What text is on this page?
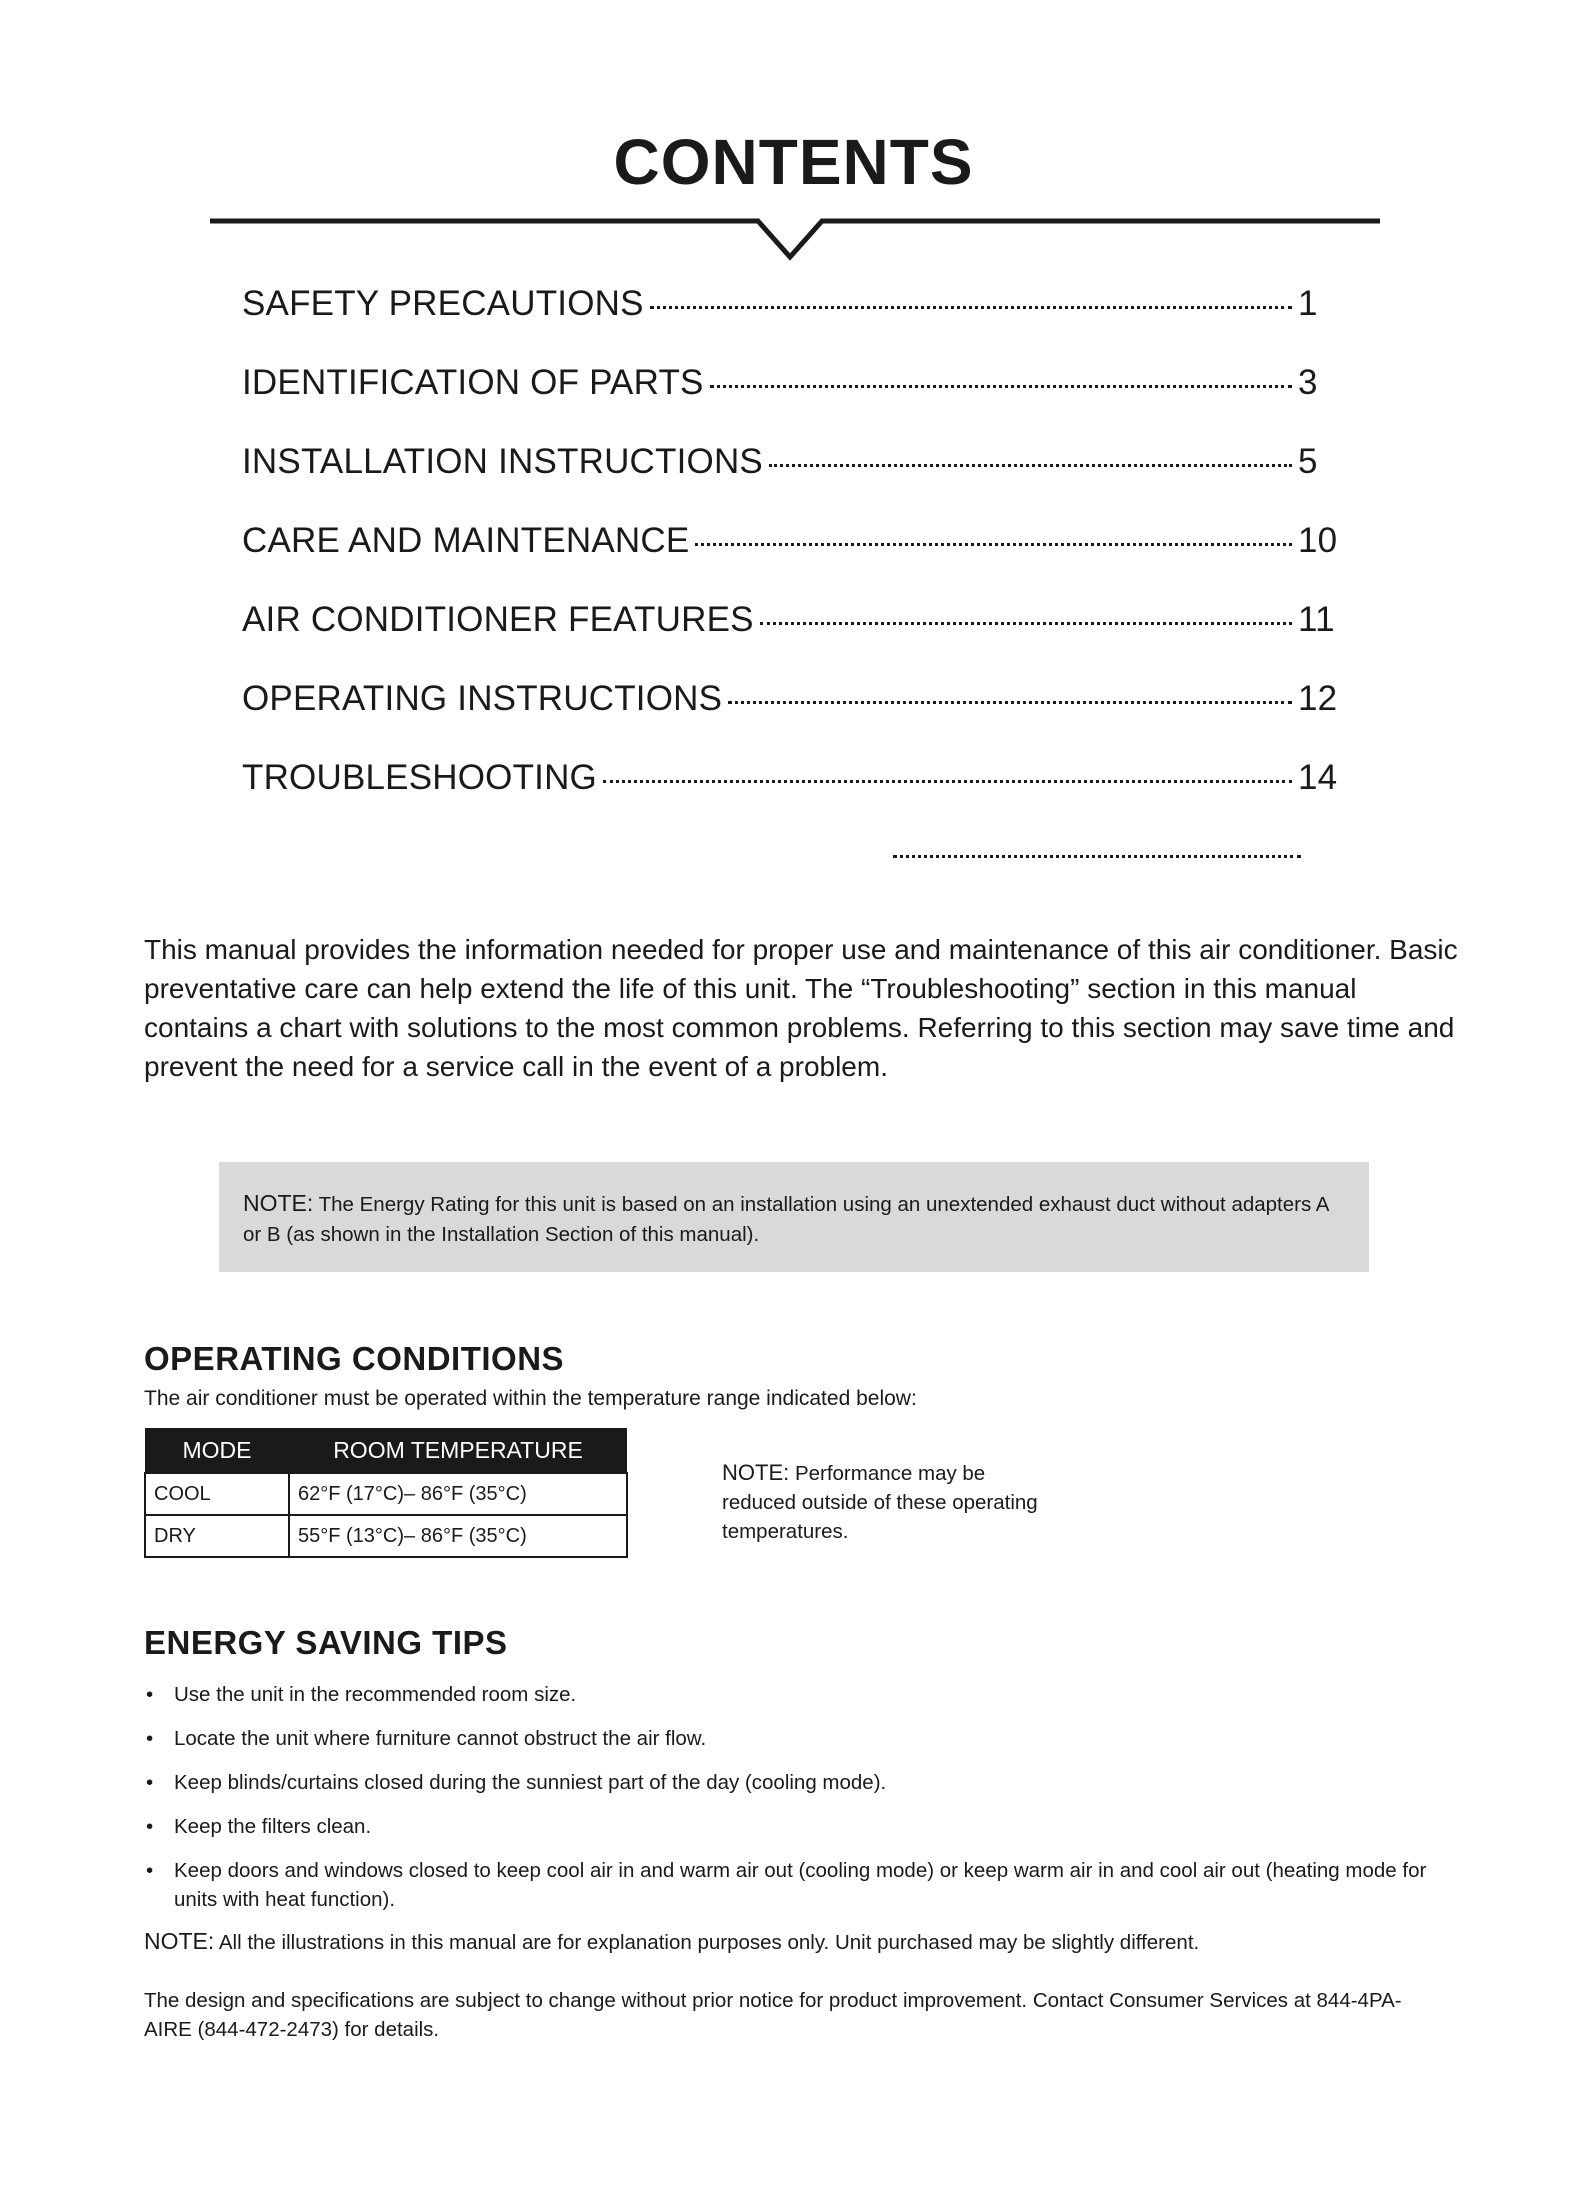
CONTENTS
SAFETY PRECAUTIONS	1
IDENTIFICATION OF PARTS	3
INSTALLATION INSTRUCTIONS	5
CARE AND MAINTENANCE	10
AIR CONDITIONER FEATURES	11
OPERATING INSTRUCTIONS	12
TROUBLESHOOTING	14
This manual provides the information needed for proper use and maintenance of this air conditioner. Basic preventative care can help extend the life of this unit. The “Troubleshooting” section in this manual contains a chart with solutions to the most common problems. Referring to this section may save time and prevent the need for a service call in the event of a problem.
NOTE: The Energy Rating for this unit is based on an installation using an unextended exhaust duct without adapters A or B (as shown in the Installation Section of this manual).
OPERATING CONDITIONS
The air conditioner must be operated within the temperature range indicated below:
MODE	ROOM TEMPERATURE
COOL	62°F (17°C)– 86°F (35°C)
DRY	55°F (13°C)– 86°F (35°C)
NOTE: Performance may be reduced outside of these operating temperatures.
ENERGY SAVING TIPS
• Use the unit in the recommended room size.
• Locate the unit where furniture cannot obstruct the air flow.
• Keep blinds/curtains closed during the sunniest part of the day (cooling mode).
• Keep the filters clean.
• Keep doors and windows closed to keep cool air in and warm air out (cooling mode) or keep warm air in and cool air out (heating mode for units with heat function).
NOTE: All the illustrations in this manual are for explanation purposes only. Unit purchased may be slightly different.
The design and specifications are subject to change without prior notice for product improvement. Contact Consumer Services at 844-4PA-AIRE (844-472-2473) for details.
